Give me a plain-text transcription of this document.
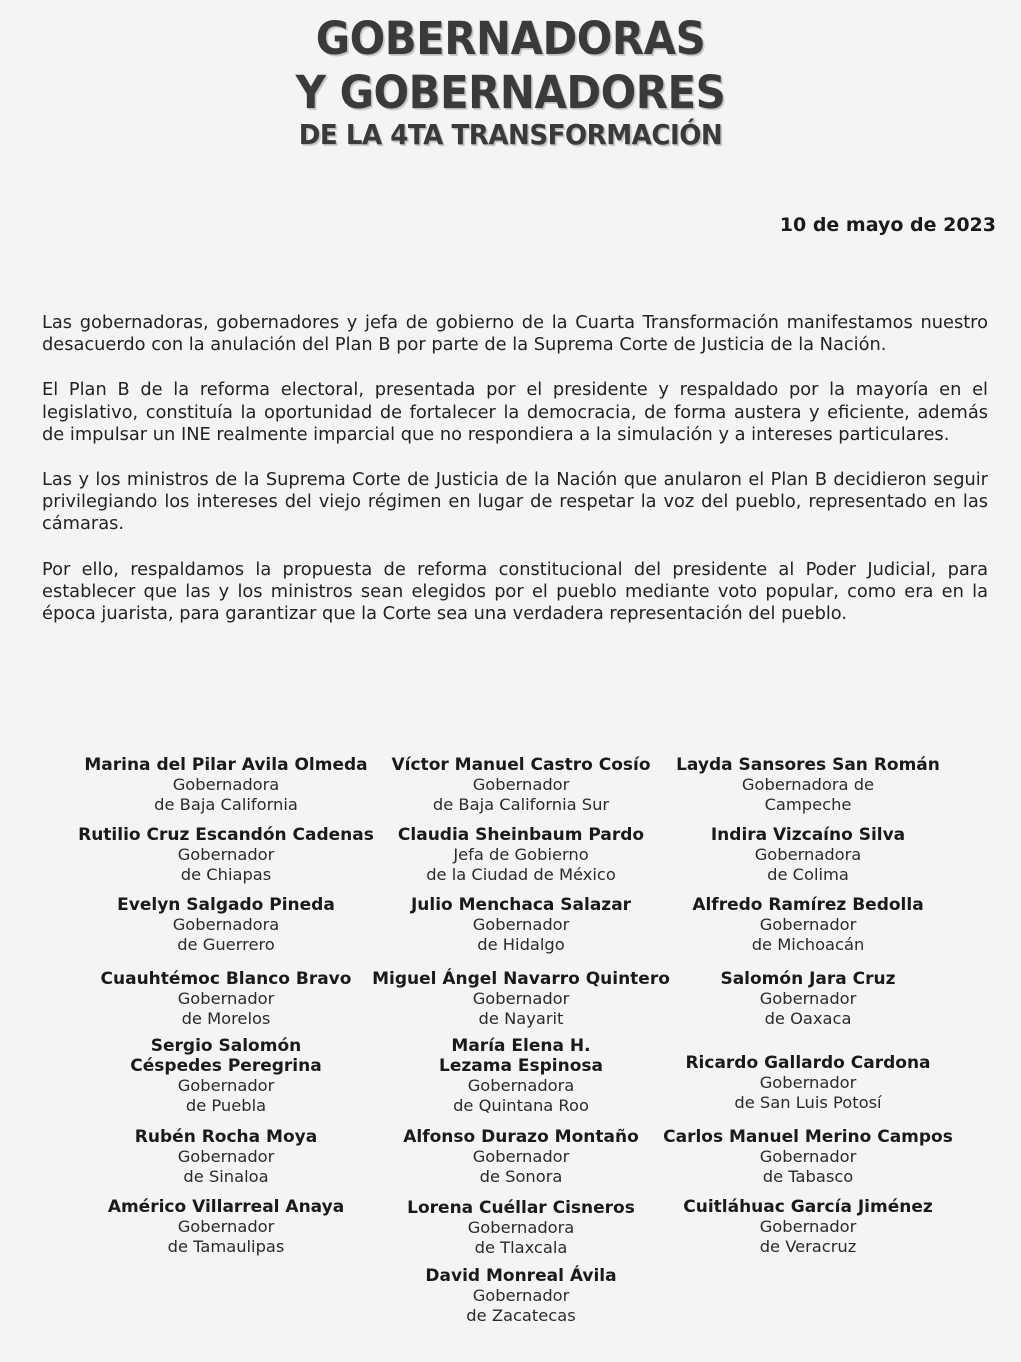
GOBERNADORAS
Y GOBERNADORES
DE LA 4TA TRANSFORMACIÓN
10 de mayo de 2023

Las gobernadoras, gobernadores y jefa de gobierno de la Cuarta Transformación manifestamos nuestro desacuerdo con la anulación del Plan B por parte de la Suprema Corte de Justicia de la Nación.

El Plan B de la reforma electoral, presentada por el presidente y respaldado por la mayoría en el legislativo, constituía la oportunidad de fortalecer la democracia, de forma austera y eficiente, además de impulsar un INE realmente imparcial que no respondiera a la simulación y a intereses particulares.

Las y los ministros de la Suprema Corte de Justicia de la Nación que anularon el Plan B decidieron seguir privilegiando los intereses del viejo régimen en lugar de respetar la voz del pueblo, representado en las cámaras.

Por ello, respaldamos la propuesta de reforma constitucional del presidente al Poder Judicial, para establecer que las y los ministros sean elegidos por el pueblo mediante voto popular, como era en la época juarista, para garantizar que la Corte sea una verdadera representación del pueblo.

Marina del Pilar Avila Olmeda
Gobernadora
de Baja California
Rutilio Cruz Escandón Cadenas
Gobernador
de Chiapas
Evelyn Salgado Pineda
Gobernadora
de Guerrero
Cuauhtémoc Blanco Bravo
Gobernador
de Morelos
Sergio Salomón
Céspedes Peregrina
Gobernador
de Puebla
Rubén Rocha Moya
Gobernador
de Sinaloa
Américo Villarreal Anaya
Gobernador
de Tamaulipas
Víctor Manuel Castro Cosío
Gobernador
de Baja California Sur
Claudia Sheinbaum Pardo
Jefa de Gobierno
de la Ciudad de México
Julio Menchaca Salazar
Gobernador
de Hidalgo
Miguel Ángel Navarro Quintero
Gobernador
de Nayarit
María Elena H.
Lezama Espinosa
Gobernadora
de Quintana Roo
Alfonso Durazo Montaño
Gobernador
de Sonora
Lorena Cuéllar Cisneros
Gobernadora
de Tlaxcala
David Monreal Ávila
Gobernador
de Zacatecas
Layda Sansores San Román
Gobernadora de
Campeche
Indira Vizcaíno Silva
Gobernadora
de Colima
Alfredo Ramírez Bedolla
Gobernador
de Michoacán
Salomón Jara Cruz
Gobernador
de Oaxaca
Ricardo Gallardo Cardona
Gobernador
de San Luis Potosí
Carlos Manuel Merino Campos
Gobernador
de Tabasco
Cuitláhuac García Jiménez
Gobernador
de Veracruz
